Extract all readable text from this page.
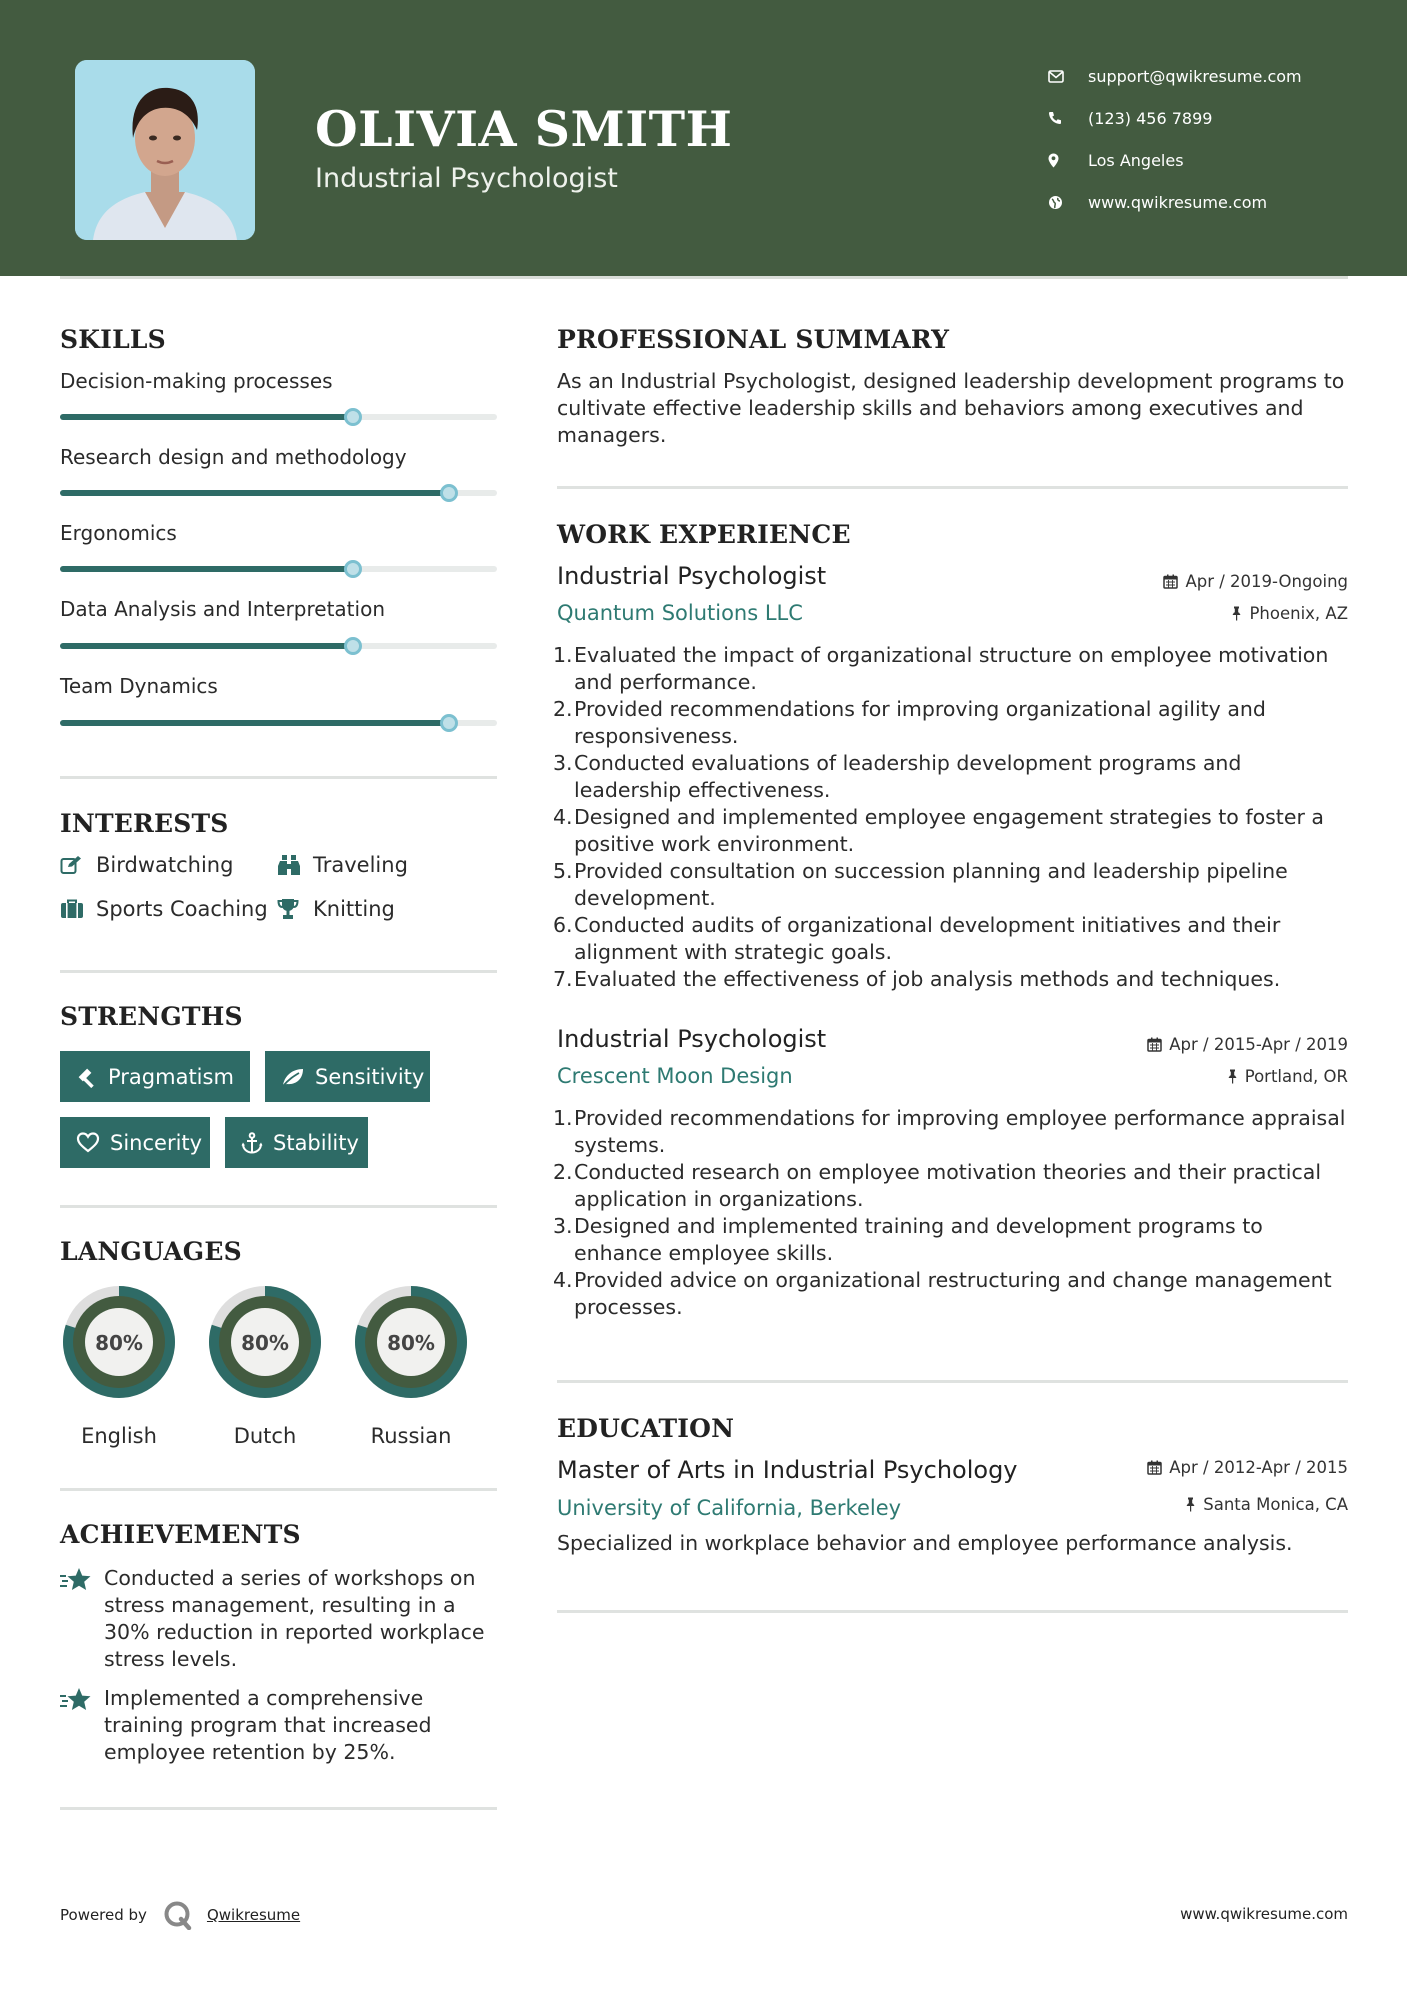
OLIVIA SMITH
Industrial Psychologist
support@qwikresume.com
(123) 456 7899
Los Angeles
www.qwikresume.com
SKILLS
Decision-making processes
Research design and methodology
Ergonomics
Data Analysis and Interpretation
Team Dynamics
INTERESTS
Birdwatching	Traveling
Sports Coaching Knitting
STRENGTHS
Pragmatism	Sensitivity
Sincerity	Stability
LANGUAGES
80%
English
80%
Dutch
80%
Russian
ACHIEVEMENTS
Conducted a series of workshops on stress management, resulting in a 30% reduction in reported workplace stress levels.
Implemented a comprehensive training program that increased employee retention by 25%.
PROFESSIONAL SUMMARY
As an Industrial Psychologist, designed leadership development programs to cultivate effective leadership skills and behaviors among executives and managers.
WORK EXPERIENCE
Industrial Psychologist	Apr / 2019-Ongoing
Quantum Solutions LLC	Phoenix, AZ
1. Evaluated the impact of organizational structure on employee motivation and performance.
2. Provided recommendations for improving organizational agility and responsiveness.
3. Conducted evaluations of leadership development programs and leadership effectiveness.
4. Designed and implemented employee engagement strategies to foster a positive work environment.
5. Provided consultation on succession planning and leadership pipeline development.
6. Conducted audits of organizational development initiatives and their alignment with strategic goals.
7. Evaluated the effectiveness of job analysis methods and techniques.
Industrial Psychologist	Apr / 2015-Apr / 2019
Crescent Moon Design	Portland, OR
1. Provided recommendations for improving employee performance appraisal systems.
2. Conducted research on employee motivation theories and their practical application in organizations.
3. Designed and implemented training and development programs to enhance employee skills.
4. Provided advice on organizational restructuring and change management processes.
EDUCATION
Master of Arts in Industrial Psychology	Apr / 2012-Apr / 2015
University of California, Berkeley	Santa Monica, CA
Specialized in workplace behavior and employee performance analysis.
Powered by	Qwikresume	www.qwikresume.com
